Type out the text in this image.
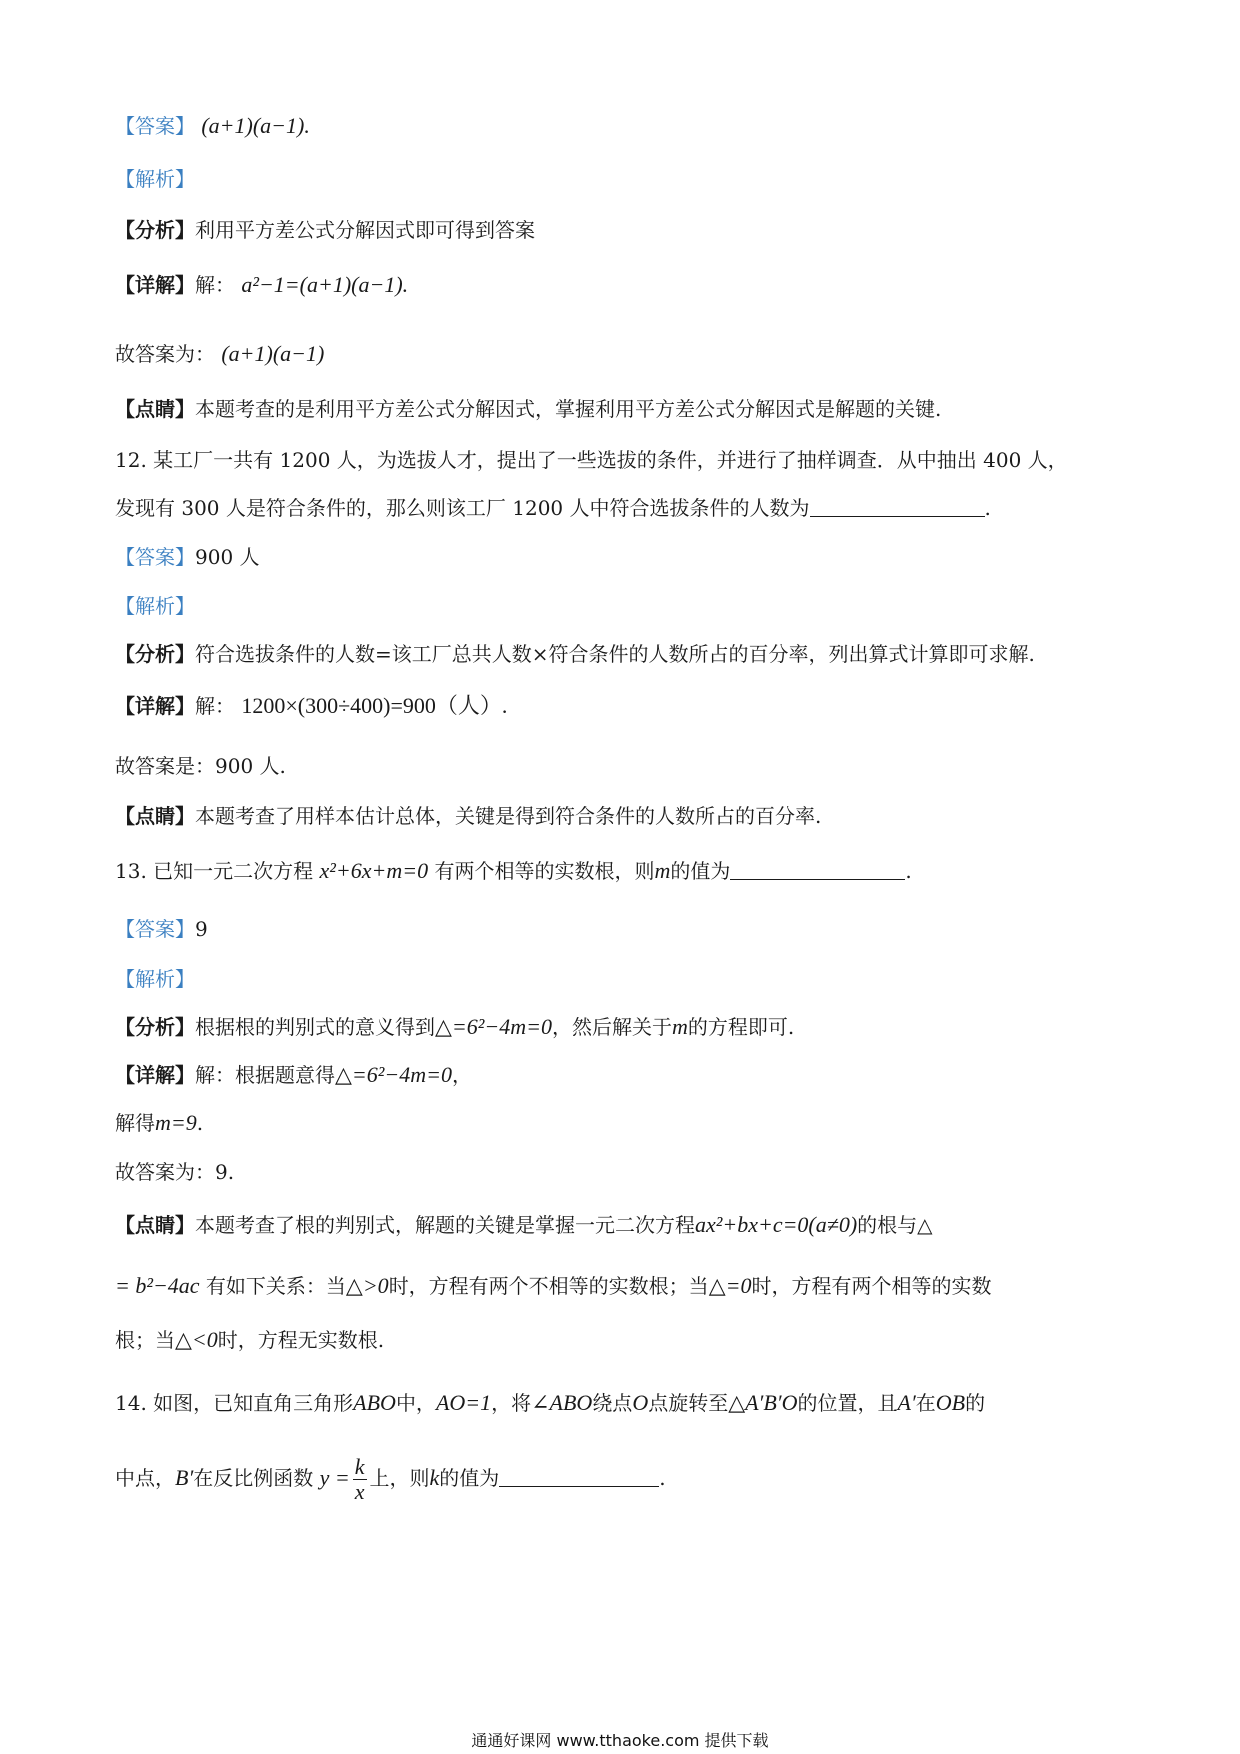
【答案】 (a+1)(a−1).
【解析】
【分析】利用平方差公式分解因式即可得到答案
【详解】解： a²−1=(a+1)(a−1).
故答案为： (a+1)(a−1)
【点睛】本题考查的是利用平方差公式分解因式，掌握利用平方差公式分解因式是解题的关键.
12. 某工厂一共有 1200 人，为选拔人才，提出了一些选拔的条件，并进行了抽样调查．从中抽出 400 人，
发现有 300 人是符合条件的，那么则该工厂 1200 人中符合选拔条件的人数为	.
【答案】900 人
【解析】
【分析】符合选拔条件的人数=该工厂总共人数×符合条件的人数所占的百分率，列出算式计算即可求解.
【详解】解： 1200×(300÷400)=900（人）.
故答案是：900 人.
【点睛】本题考查了用样本估计总体，关键是得到符合条件的人数所占的百分率.
13. 已知一元二次方程 x²+6x+m=0 有两个相等的实数根，则m的值为	.
【答案】9
【解析】
【分析】根据根的判别式的意义得到△=6²−4m=0，然后解关于m的方程即可.
【详解】解：根据题意得△=6²−4m=0，
解得m=9.
故答案为：9.
【点睛】本题考查了根的判别式，解题的关键是掌握一元二次方程ax²+bx+c=0(a≠0)的根与△
= b²−4ac 有如下关系：当△>0时，方程有两个不相等的实数根；当△=0时，方程有两个相等的实数
根；当△<0时，方程无实数根.
14. 如图，已知直角三角形ABO中，AO=1，将∠ABO绕点O点旋转至△A′B′O的位置，且A′在OB的
中点，B′在反比例函数 $y = \frac{k}{x}$ 上，则k的值为	.
通通好课网 www.tthaoke.com 提供下载
